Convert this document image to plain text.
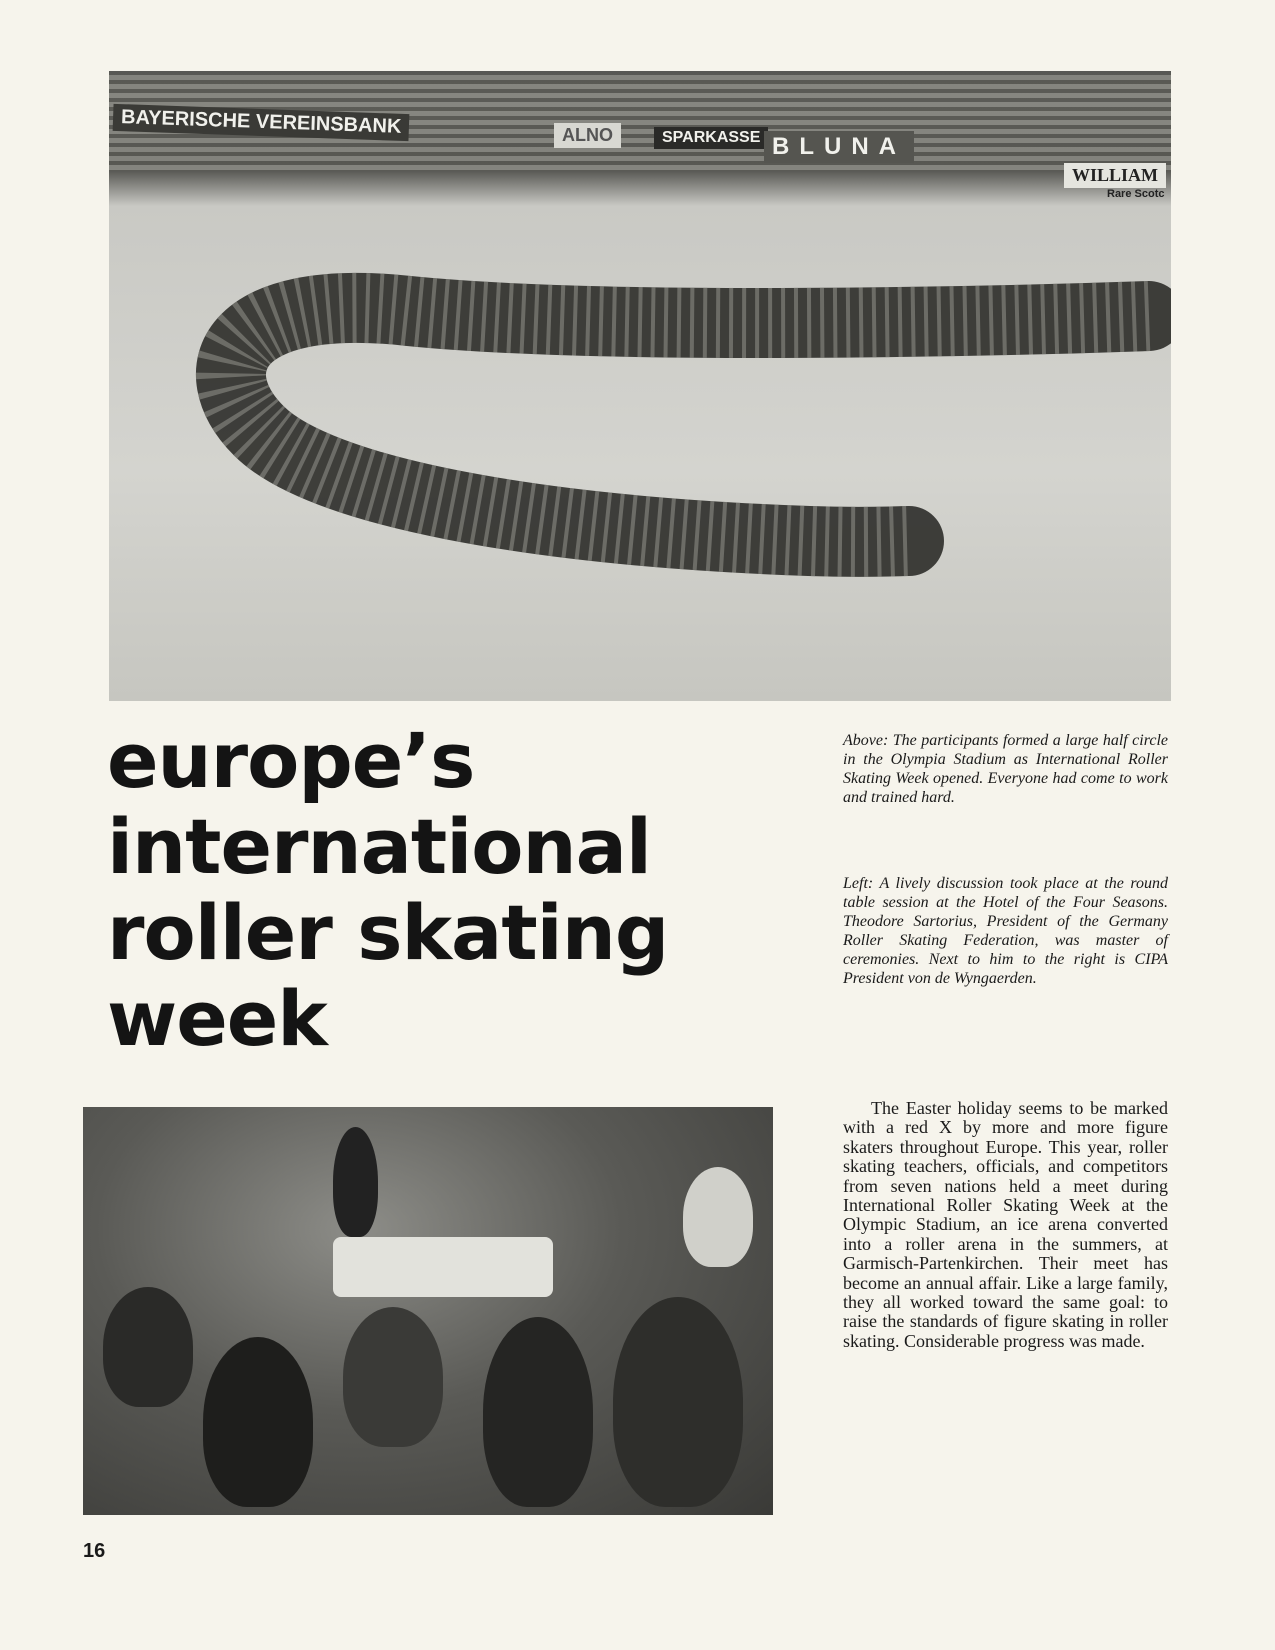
BAYERISCHE VEREINSBANK	ALNO	SPARKASSE BLUNA
WILLIAM
Rare Scotc
europe’s
international
roller skating
week

Above: The participants formed a large half circle in the Olympia Stadium as International Roller Skating Week opened. Everyone had come to work and trained hard.

Left: A lively discussion took place at the round table session at the Hotel of the Four Seasons. Theodore Sartorius, President of the Germany Roller Skating Federation, was master of ceremonies. Next to him to the right is CIPA President von de Wyngaerden.

The Easter holiday seems to be marked with a red X by more and more figure skaters throughout Europe. This year, roller skating teachers, officials, and competitors from seven nations held a meet during International Roller Skating Week at the Olympic Stadium, an ice arena converted into a roller arena in the summers, at Garmisch-Partenkirchen. Their meet has become an annual affair. Like a large family, they all worked toward the same goal: to raise the standards of figure skating in roller skating. Considerable progress was made.

16
